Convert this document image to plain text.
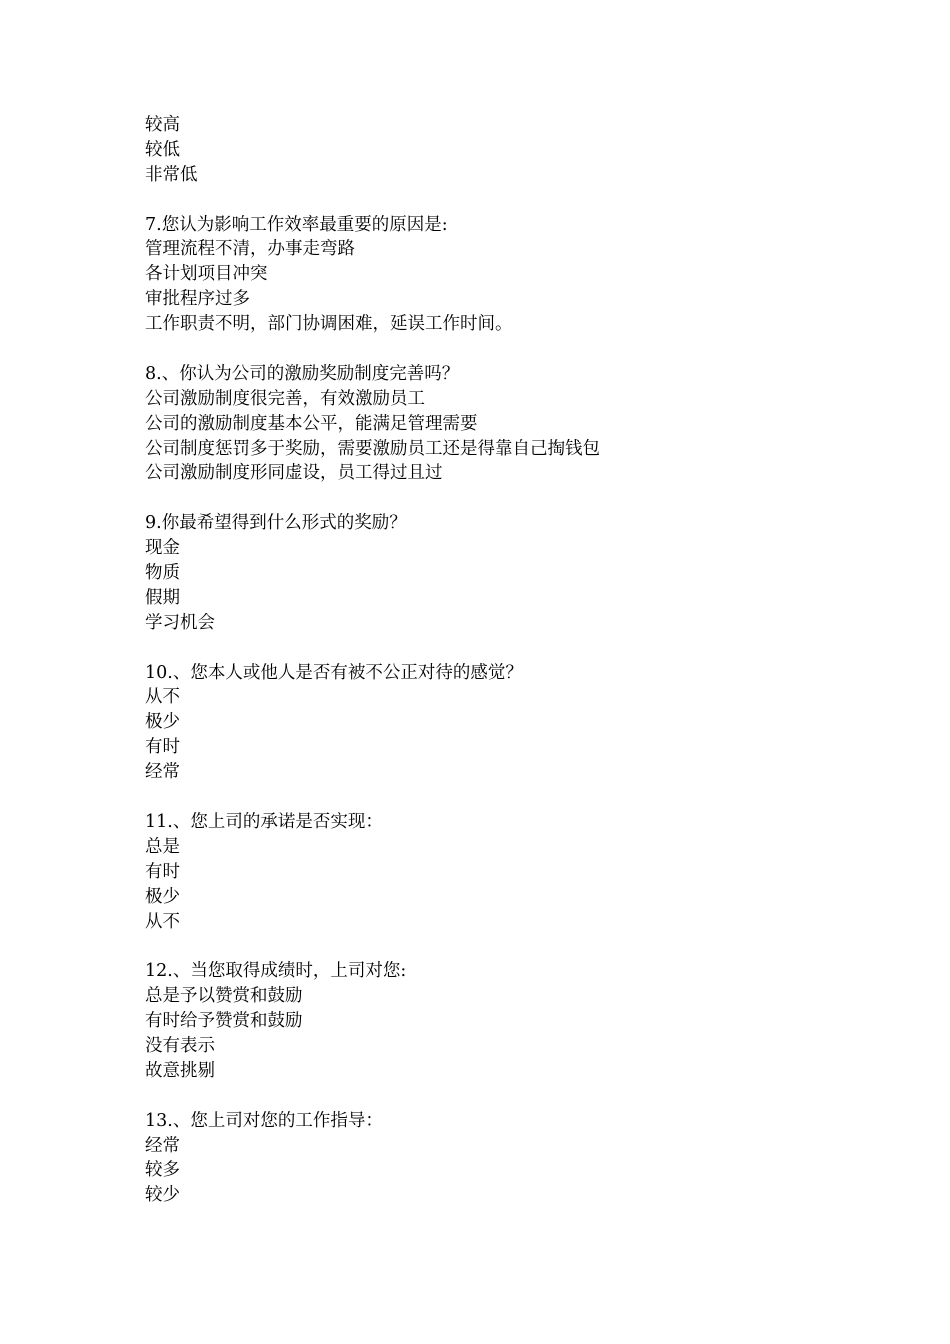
较高
较低
非常低
7.您认为影响工作效率最重要的原因是:
管理流程不清，办事走弯路
各计划项目冲突
审批程序过多
工作职责不明，部门协调困难，延误工作时间。
8.、你认为公司的激励奖励制度完善吗？
公司激励制度很完善，有效激励员工
公司的激励制度基本公平，能满足管理需要
公司制度惩罚多于奖励，需要激励员工还是得靠自己掏钱包
公司激励制度形同虚设，员工得过且过
9.你最希望得到什么形式的奖励？
现金
物质
假期
学习机会
10.、您本人或他人是否有被不公正对待的感觉？
从不
极少
有时
经常
11.、您上司的承诺是否实现：
总是
有时
极少
从不
12.、当您取得成绩时，上司对您:
总是予以赞赏和鼓励
有时给予赞赏和鼓励
没有表示
故意挑剔
13.、您上司对您的工作指导：
经常
较多
较少
